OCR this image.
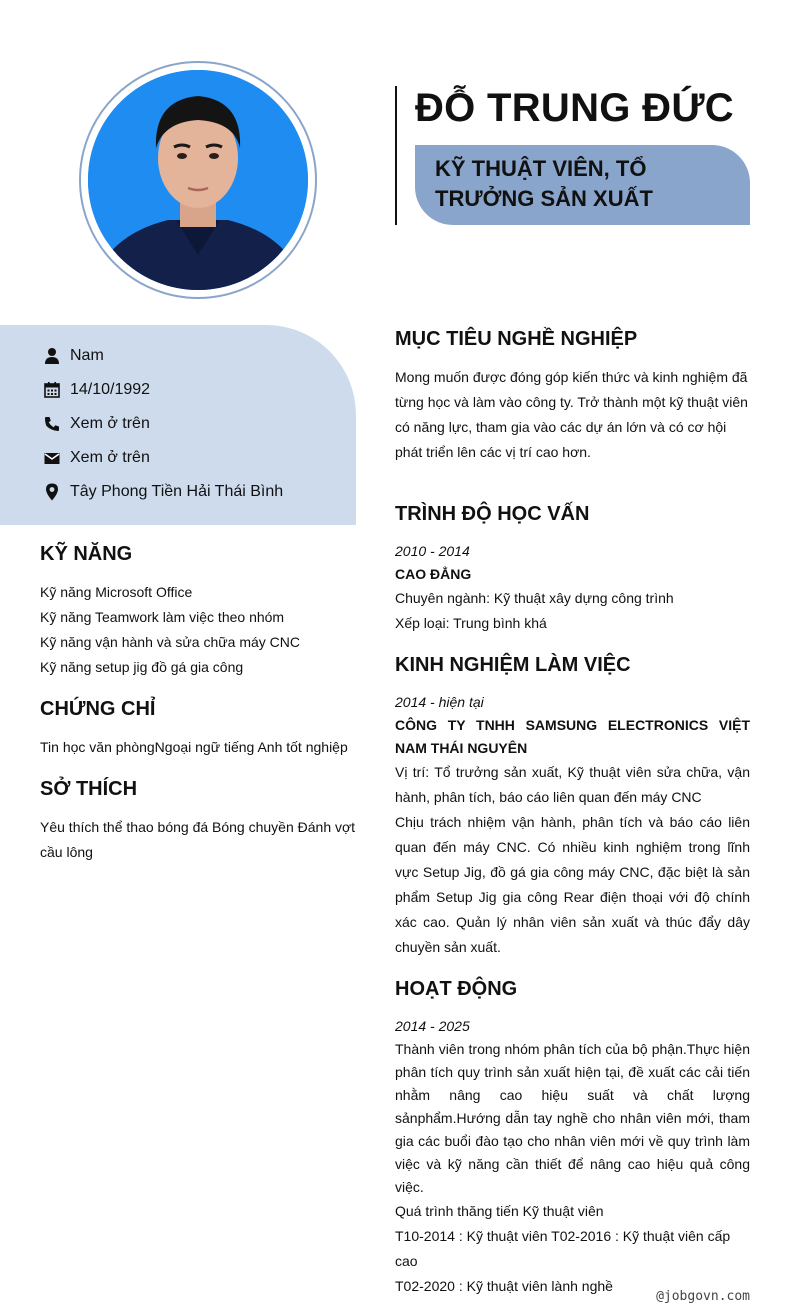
ĐỖ TRUNG ĐỨC
KỸ THUẬT VIÊN, TỔ
TRƯỞNG SẢN XUẤT
Nam
14/10/1992
Xem ở trên
Xem ở trên
Tây Phong Tiền Hải Thái Bình
KỸ NĂNG
Kỹ năng Microsoft Office
Kỹ năng Teamwork làm việc theo nhóm
Kỹ năng vận hành và sửa chữa máy CNC
Kỹ năng setup jig đồ gá gia công
CHỨNG CHỈ
Tin học văn phòngNgoại ngữ tiếng Anh tốt nghiệp
SỞ THÍCH
Yêu thích thể thao bóng đá Bóng chuyền Đánh vợt
cầu lông
MỤC TIÊU NGHỀ NGHIỆP
Mong muốn được đóng góp kiến thức và kinh nghiệm đã
từng học và làm vào công ty. Trở thành một kỹ thuật viên
có năng lực, tham gia vào các dự án lớn và có cơ hội
phát triển lên các vị trí cao hơn.
TRÌNH ĐỘ HỌC VẤN
2010 - 2014
CAO ĐẲNG
Chuyên ngành: Kỹ thuật xây dựng công trình
Xếp loại: Trung bình khá
KINH NGHIỆM LÀM VIỆC
2014 - hiện tại
CÔNG TY TNHH SAMSUNG ELECTRONICS VIỆT NAM THÁI NGUYÊN
Vị trí: Tổ trưởng sản xuất, Kỹ thuật viên sửa chữa, vận hành, phân tích, báo cáo liên quan đến máy CNC
Chịu trách nhiệm vận hành, phân tích và báo cáo liên quan đến máy CNC. Có nhiều kinh nghiệm trong lĩnh vực Setup Jig, đồ gá gia công máy CNC, đặc biệt là sản phẩm Setup Jig gia công Rear điện thoại với độ chính xác cao. Quản lý nhân viên sản xuất và thúc đẩy dây chuyền sản xuất.
HOẠT ĐỘNG
2014 - 2025
Thành viên trong nhóm phân tích của bộ phận.Thực hiện phân tích quy trình sản xuất hiện tại, đề xuất các cải tiến nhằm nâng cao hiệu suất và chất lượng sảnphẩm.Hướng dẫn tay nghề cho nhân viên mới, tham gia các buổi đào tạo cho nhân viên mới về quy trình làm việc và kỹ năng cần thiết để nâng cao hiệu quả công việc.
Quá trình thăng tiến Kỹ thuật viên
T10-2014 : Kỹ thuật viên T02-2016 : Kỹ thuật viên cấp cao
T02-2020 : Kỹ thuật viên lành nghề
@jobgovn.com
